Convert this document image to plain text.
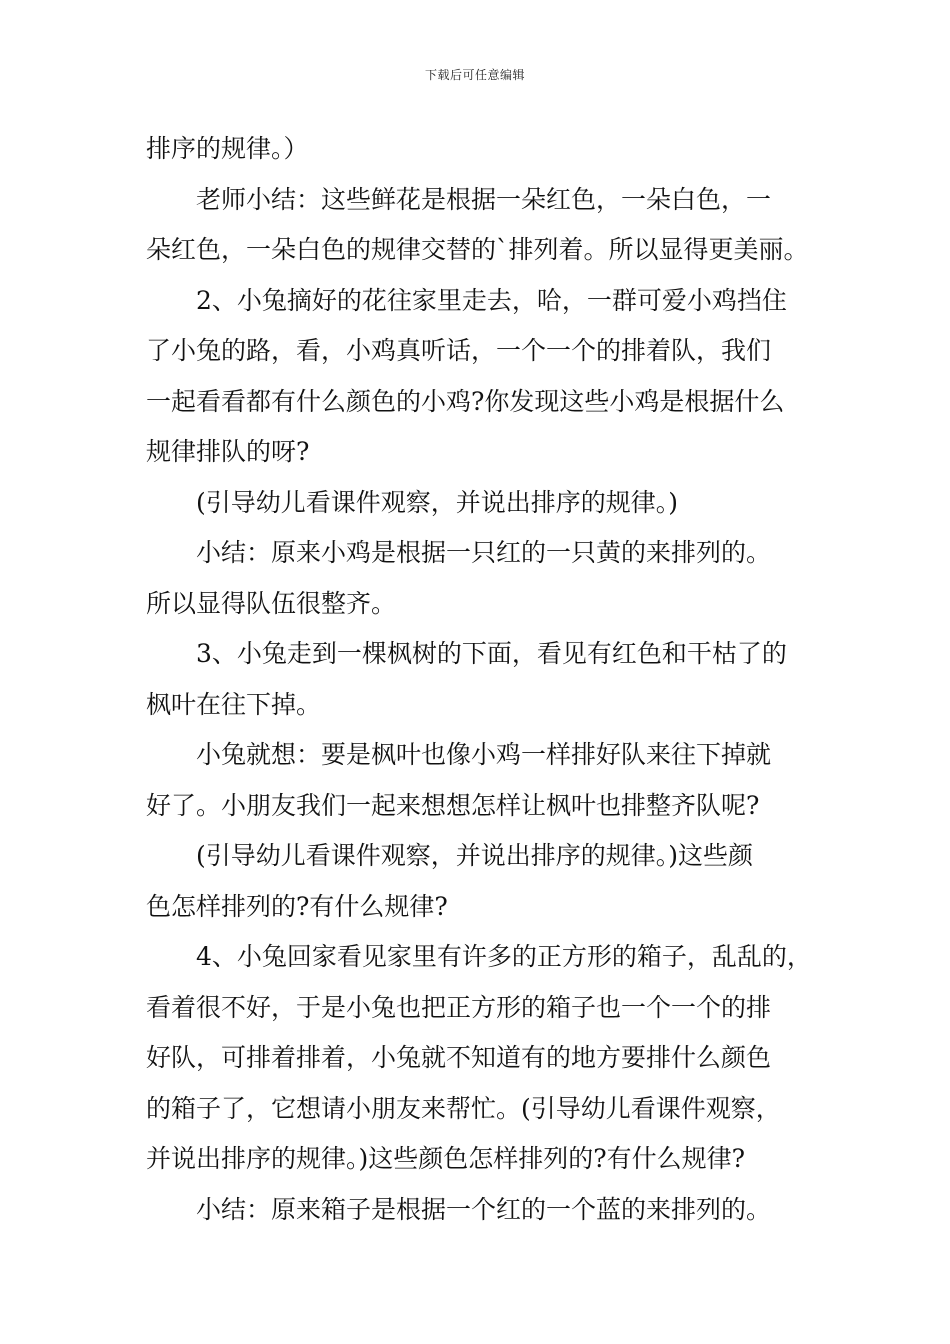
下载后可任意编辑
排序的规律。）
老师小结：这些鲜花是根据一朵红色，一朵白色，一
朵红色，一朵白色的规律交替的`排列着。所以显得更美丽。
2、小兔摘好的花往家里走去，哈，一群可爱小鸡挡住
了小兔的路，看，小鸡真听话，一个一个的排着队，我们
一起看看都有什么颜色的小鸡?你发现这些小鸡是根据什么
规律排队的呀?
(引导幼儿看课件观察，并说出排序的规律。)
小结：原来小鸡是根据一只红的一只黄的来排列的。
所以显得队伍很整齐。
3、小兔走到一棵枫树的下面，看见有红色和干枯了的
枫叶在往下掉。
小兔就想：要是枫叶也像小鸡一样排好队来往下掉就
好了。小朋友我们一起来想想怎样让枫叶也排整齐队呢?
(引导幼儿看课件观察，并说出排序的规律。)这些颜
色怎样排列的?有什么规律?
4、小兔回家看见家里有许多的正方形的箱子，乱乱的，
看着很不好，于是小兔也把正方形的箱子也一个一个的排
好队，可排着排着，小兔就不知道有的地方要排什么颜色
的箱子了，它想请小朋友来帮忙。(引导幼儿看课件观察，
并说出排序的规律。)这些颜色怎样排列的?有什么规律?
小结：原来箱子是根据一个红的一个蓝的来排列的。
